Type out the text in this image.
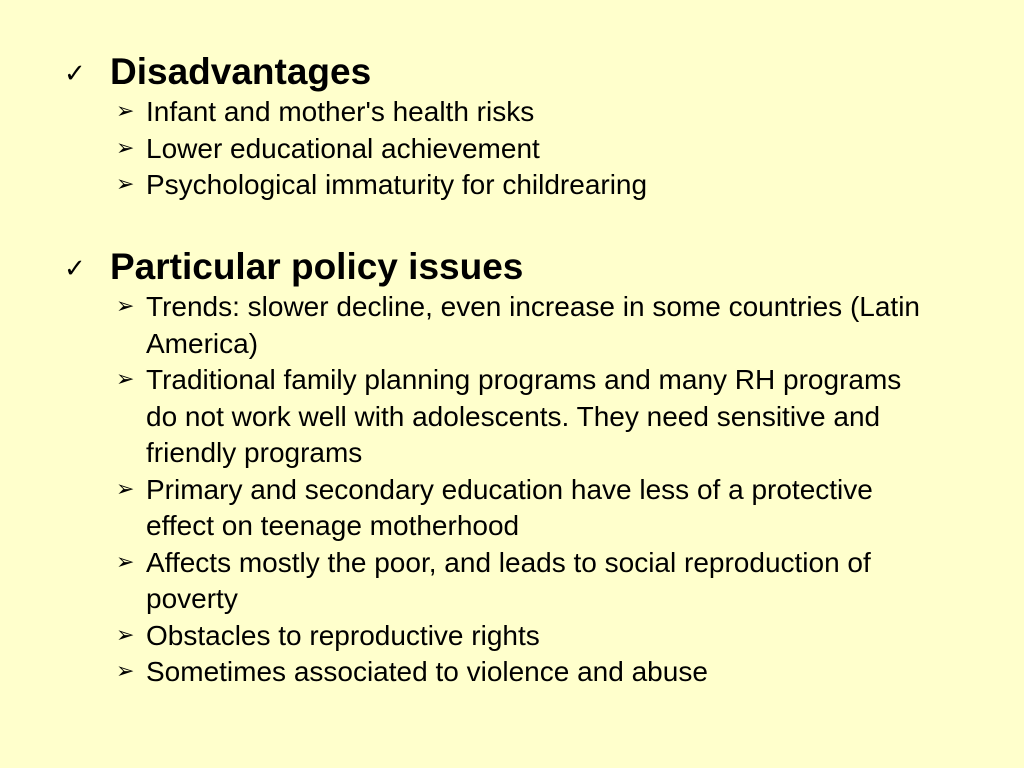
✓ Disadvantages
➢ Infant and mother's health risks
➢ Lower educational achievement
➢ Psychological immaturity for childrearing
✓ Particular policy issues
➢ Trends: slower decline, even increase in some countries (Latin America)
➢ Traditional family planning programs and many RH programs do not work well with adolescents. They need sensitive and friendly programs
➢ Primary and secondary education have less of a protective effect on teenage motherhood
➢ Affects mostly the poor, and leads to social reproduction of poverty
➢ Obstacles to reproductive rights
➢ Sometimes associated to violence and abuse
